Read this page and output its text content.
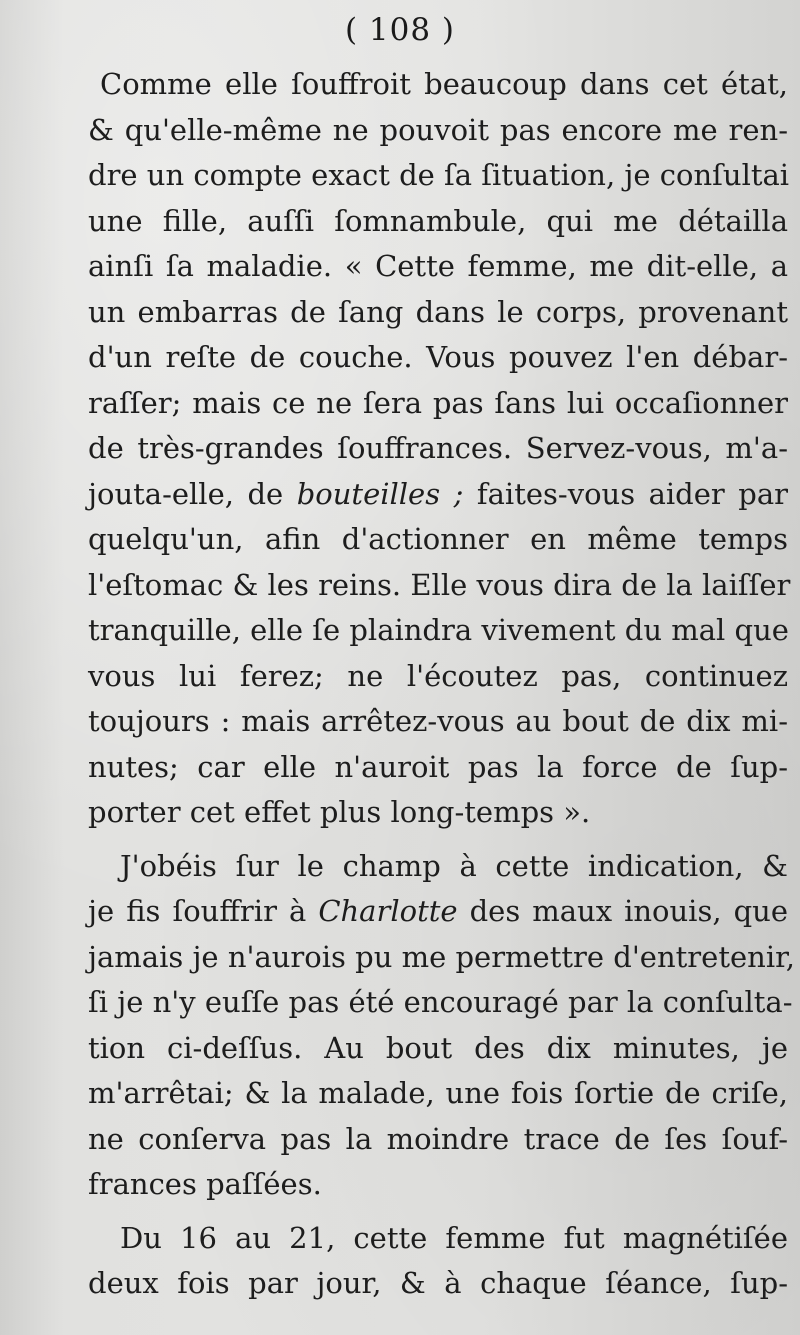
( 108 )
Comme elle ſouffroit beaucoup dans cet état,
& qu'elle-même ne pouvoit pas encore me ren-
dre un compte exact de ſa ſituation, je conſultai
une fille, auſſi ſomnambule, qui me détailla
ainſi ſa maladie. « Cette femme, me dit-elle, a
un embarras de ſang dans le corps, provenant
d'un reſte de couche. Vous pouvez l'en débar-
raſſer; mais ce ne ſera pas ſans lui occaſionner
de très-grandes ſouffrances. Servez-vous, m'a-
jouta-elle, de bouteilles ; faites-vous aider par
quelqu'un, afin d'actionner en même temps
l'eſtomac & les reins. Elle vous dira de la laiſſer
tranquille, elle ſe plaindra vivement du mal que
vous lui ferez; ne l'écoutez pas, continuez
toujours : mais arrêtez-vous au bout de dix mi-
nutes; car elle n'auroit pas la force de ſup-
porter cet effet plus long-temps ».
J'obéis ſur le champ à cette indication, &
je fis ſouffrir à Charlotte des maux inouis, que
jamais je n'aurois pu me permettre d'entretenir,
ſi je n'y euſſe pas été encouragé par la conſulta-
tion ci-deſſus. Au bout des dix minutes, je
m'arrêtai; & la malade, une fois ſortie de criſe,
ne conſerva pas la moindre trace de ſes ſouf-
frances paſſées.
Du 16 au 21, cette femme fut magnétiſée
deux fois par jour, & à chaque ſéance, ſup-
